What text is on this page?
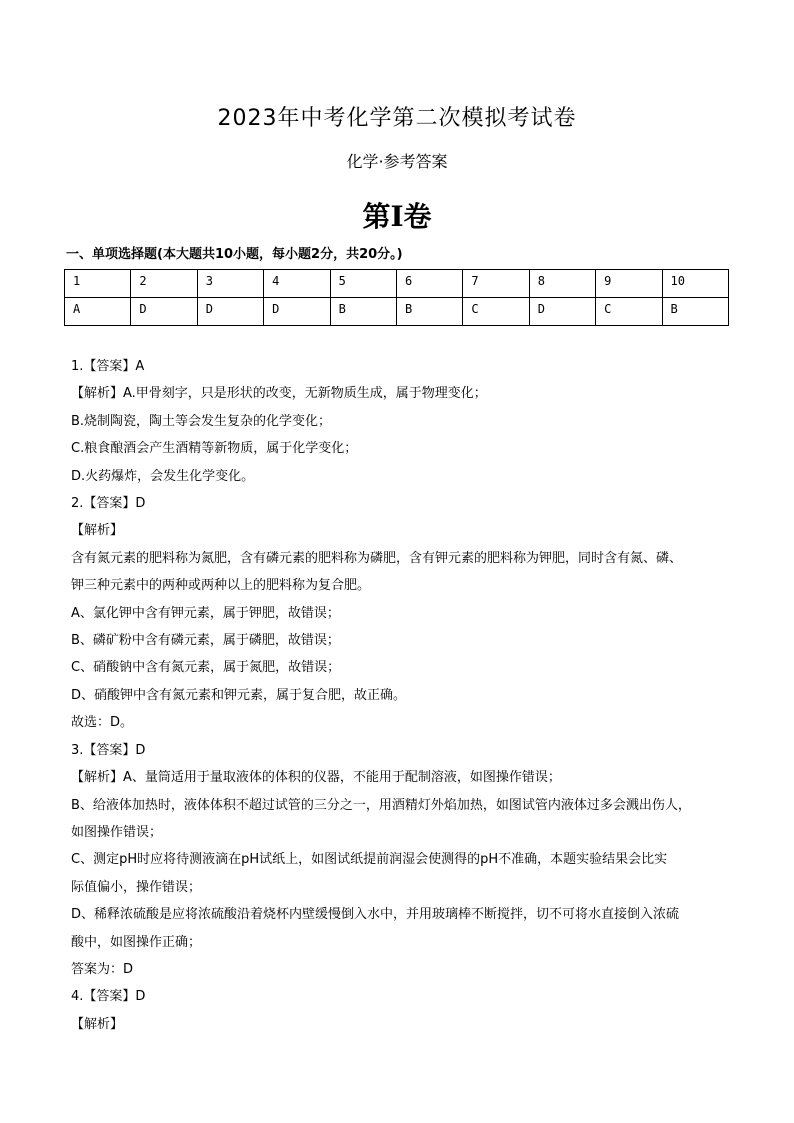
2023年中考化学第二次模拟考试卷
化学·参考答案
第Ⅰ卷
一、单项选择题(本大题共10小题，每小题2分，共20分。)
1	2	3	4	5	6	7	8	9	10
A	D	D	D	B	B	C	D	C	B

1.【答案】A

【解析】A.甲骨刻字，只是形状的改变，无新物质生成，属于物理变化；

B.烧制陶瓷，陶土等会发生复杂的化学变化；

C.粮食酿酒会产生酒精等新物质，属于化学变化；

D.火药爆炸，会发生化学变化。

2.【答案】D

【解析】

含有氮元素的肥料称为氮肥，含有磷元素的肥料称为磷肥，含有钾元素的肥料称为钾肥，同时含有氮、磷、

钾三种元素中的两种或两种以上的肥料称为复合肥。

A、氯化钾中含有钾元素，属于钾肥，故错误；

B、磷矿粉中含有磷元素，属于磷肥，故错误；

C、硝酸钠中含有氮元素，属于氮肥，故错误；

D、硝酸钾中含有氮元素和钾元素，属于复合肥，故正确。

故选：D。

3.【答案】D

【解析】A、量筒适用于量取液体的体积的仪器，不能用于配制溶液，如图操作错误；

B、给液体加热时，液体体积不超过试管的三分之一，用酒精灯外焰加热，如图试管内液体过多会溅出伤人，

如图操作错误；

C、测定pH时应将待测液滴在pH试纸上，如图试纸提前润湿会使测得的pH不准确，本题实验结果会比实

际值偏小，操作错误；

D、稀释浓硫酸是应将浓硫酸沿着烧杯内壁缓慢倒入水中，并用玻璃棒不断搅拌，切不可将水直接倒入浓硫

酸中，如图操作正确；

答案为：D

4.【答案】D

【解析】
